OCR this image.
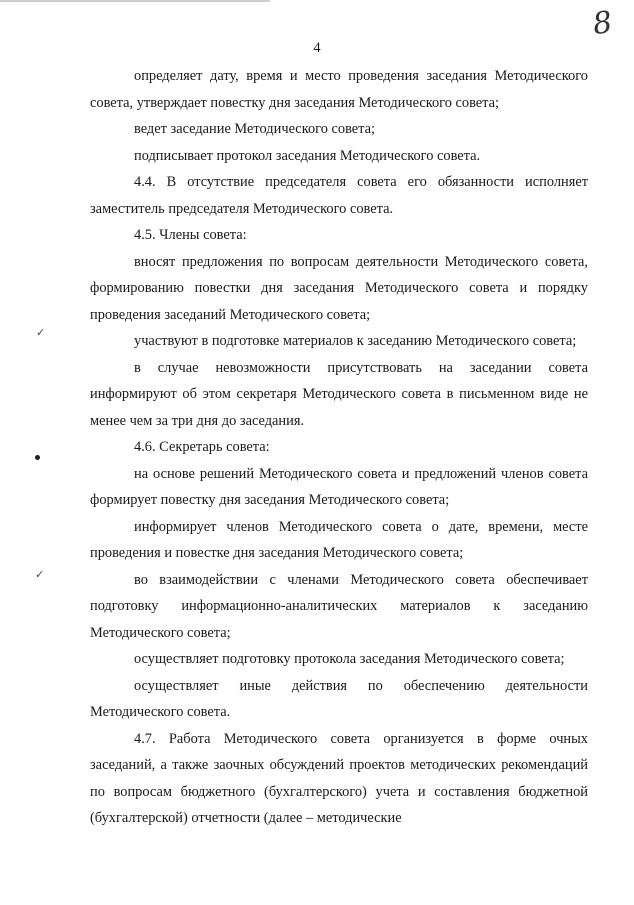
8
4
✓
✓

определяет дату, время и место проведения заседания Методического совета, утверждает повестку дня заседания Методического совета;

ведет заседание Методического совета;

подписывает протокол заседания Методического совета.

4.4. В отсутствие председателя совета его обязанности исполняет заместитель председателя Методического совета.

4.5. Члены совета:

вносят предложения по вопросам деятельности Методического совета, формированию повестки дня заседания Методического совета и порядку проведения заседаний Методического совета;

участвуют в подготовке материалов к заседанию Методического совета;

в случае невозможности присутствовать на заседании совета информируют об этом секретаря Методического совета в письменном виде не менее чем за три дня до заседания.

4.6. Секретарь совета:

на основе решений Методического совета и предложений членов совета формирует повестку дня заседания Методического совета;

информирует членов Методического совета о дате, времени, месте проведения и повестке дня заседания Методического совета;

во взаимодействии с членами Методического совета обеспечивает подготовку информационно-аналитических материалов к заседанию Методического совета;

осуществляет подготовку протокола заседания Методического совета;

осуществляет иные действия по обеспечению деятельности Методического совета.

4.7. Работа Методического совета организуется в форме очных заседаний, а также заочных обсуждений проектов методических рекомендаций по вопросам бюджетного (бухгалтерского) учета и составления бюджетной (бухгалтерской) отчетности (далее – методические
